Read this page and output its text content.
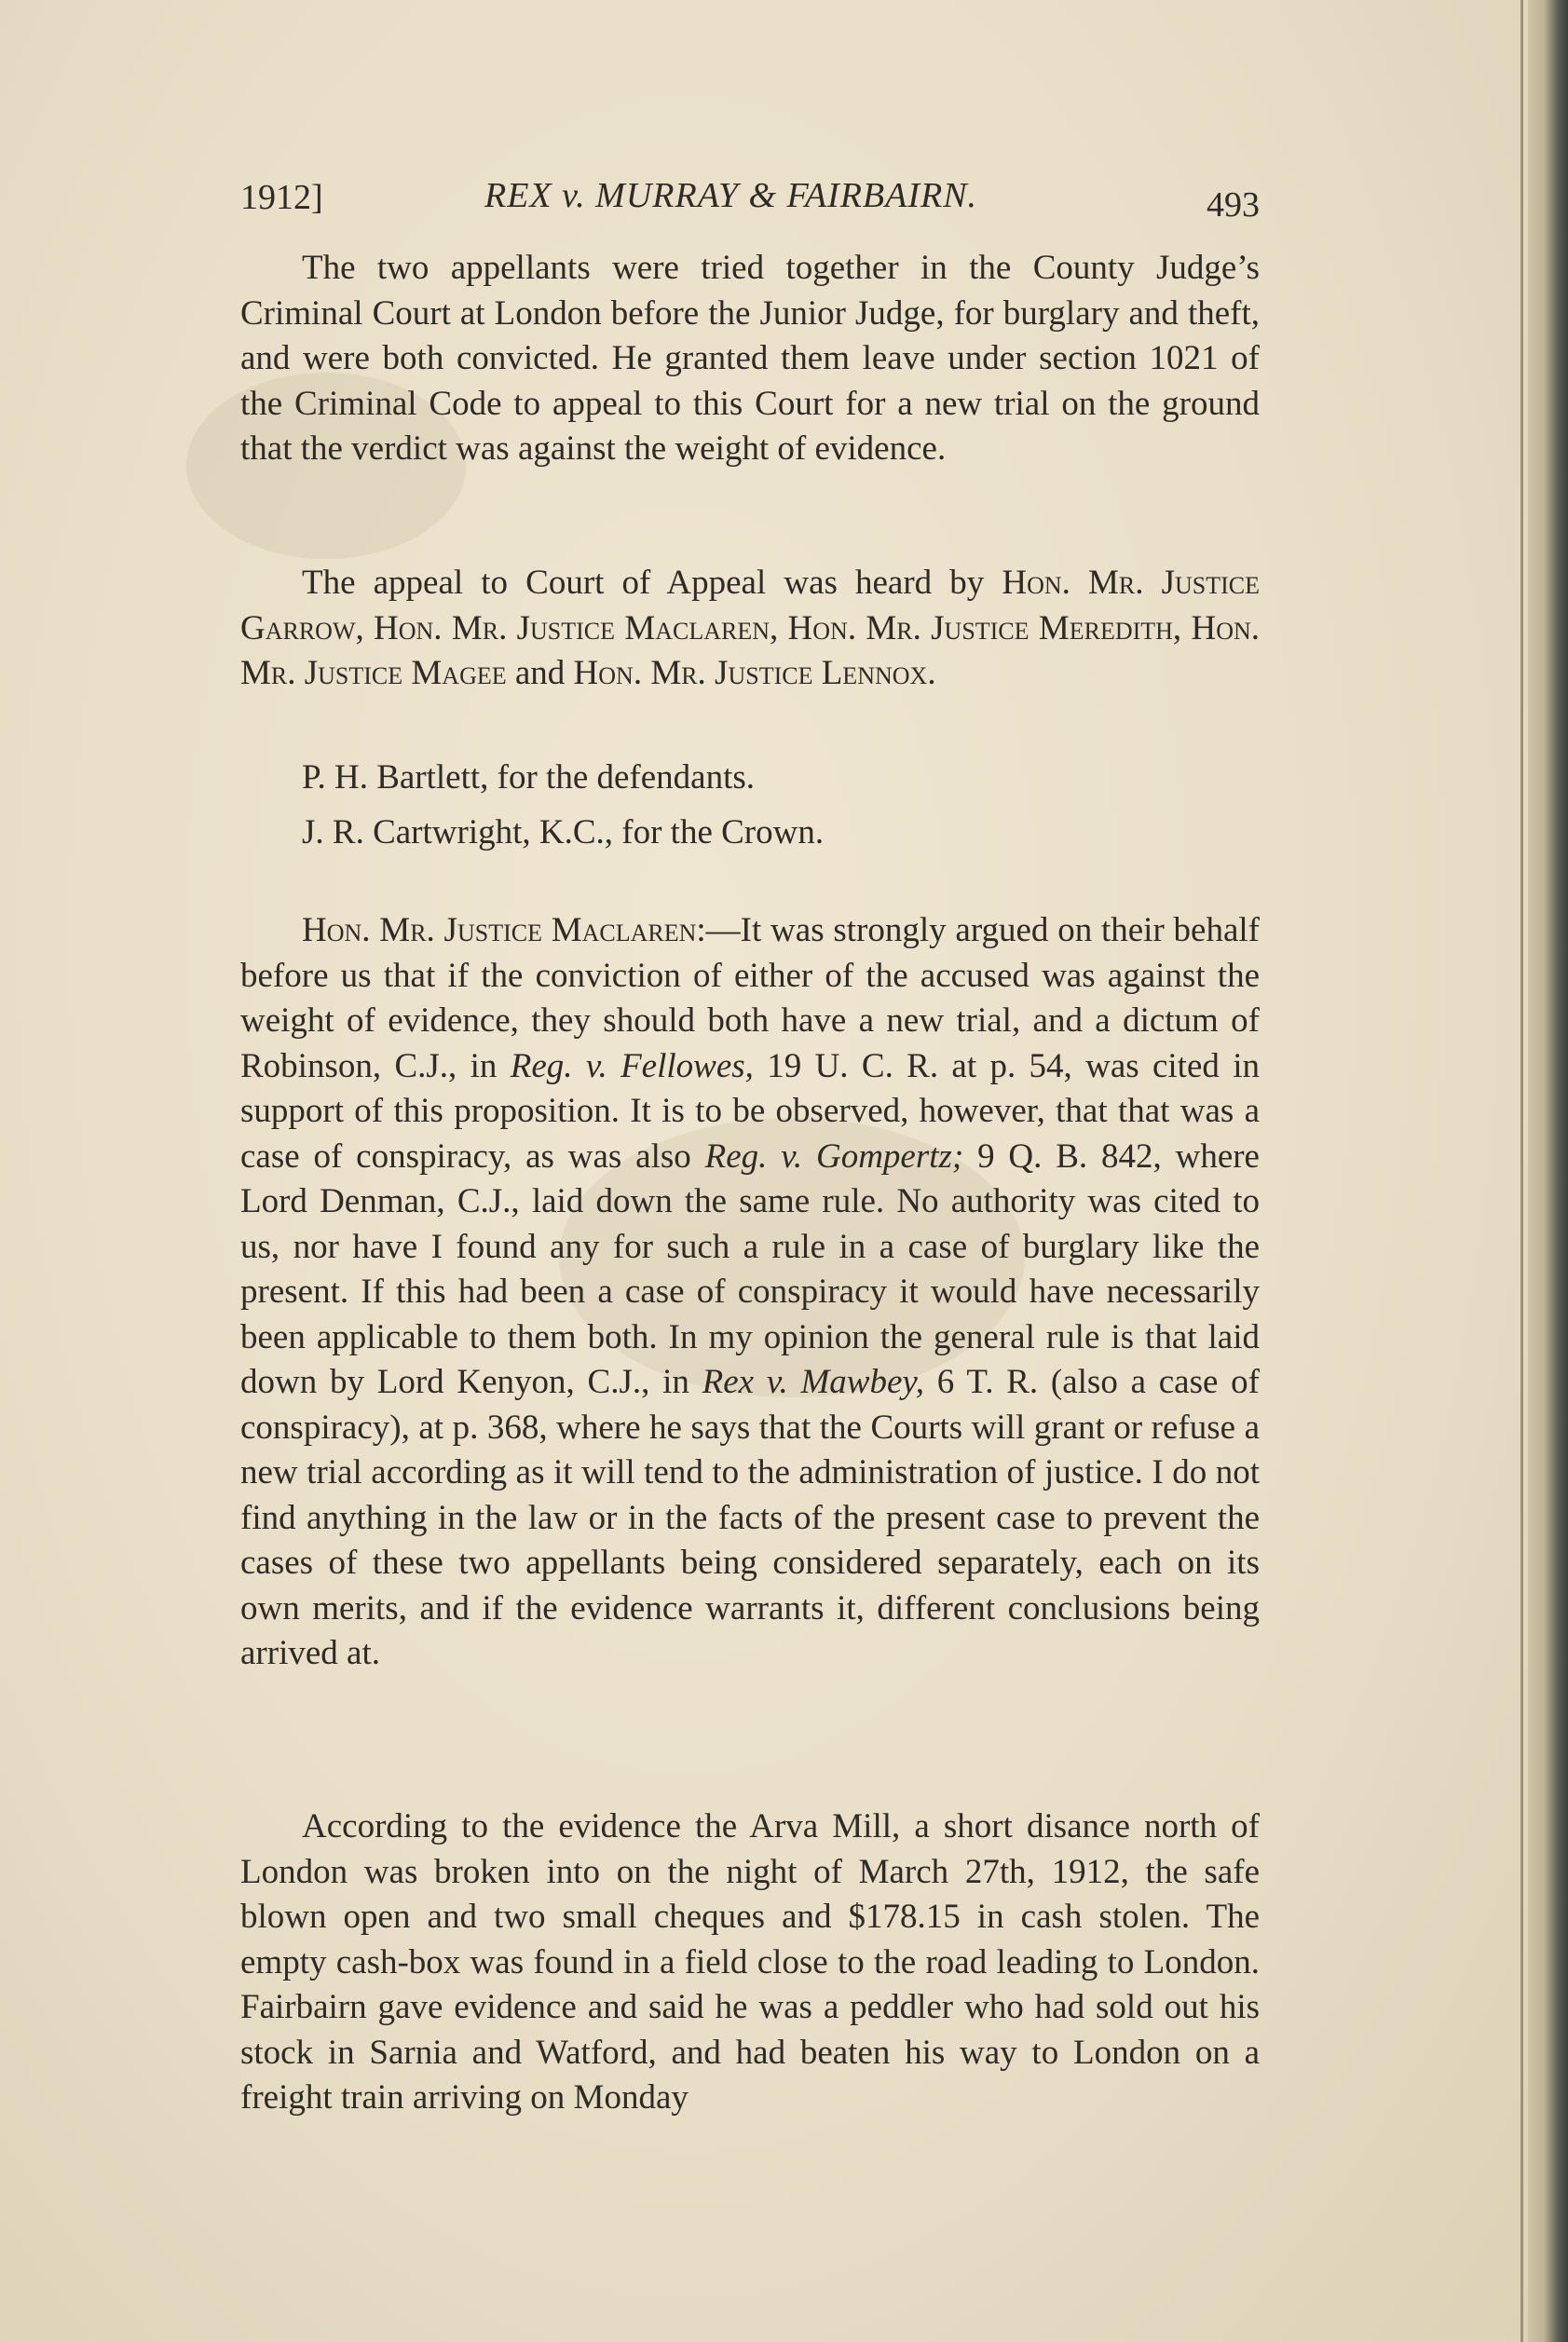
1912]	REX v. MURRAY & FAIRBAIRN.	493

The two appellants were tried together in the County Judge’s Criminal Court at London before the Junior Judge, for burglary and theft, and were both convicted. He granted them leave under section 1021 of the Criminal Code to appeal to this Court for a new trial on the ground that the verdict was against the weight of evidence.

The appeal to Court of Appeal was heard by Hon. Mr. Justice Garrow, Hon. Mr. Justice Maclaren, Hon. Mr. Justice Meredith, Hon. Mr. Justice Magee and Hon. Mr. Justice Lennox.

P. H. Bartlett, for the defendants.
J. R. Cartwright, K.C., for the Crown.

Hon. Mr. Justice Maclaren:—It was strongly argued on their behalf before us that if the conviction of either of the accused was against the weight of evidence, they should both have a new trial, and a dictum of Robinson, C.J., in Reg. v. Fellowes, 19 U. C. R. at p. 54, was cited in support of this proposition. It is to be observed, however, that that was a case of conspiracy, as was also Reg. v. Gompertz; 9 Q. B. 842, where Lord Denman, C.J., laid down the same rule. No authority was cited to us, nor have I found any for such a rule in a case of burglary like the present. If this had been a case of conspiracy it would have necessarily been applicable to them both. In my opinion the general rule is that laid down by Lord Kenyon, C.J., in Rex v. Mawbey, 6 T. R. (also a case of conspiracy), at p. 368, where he says that the Courts will grant or refuse a new trial according as it will tend to the administration of justice. I do not find anything in the law or in the facts of the present case to prevent the cases of these two appellants being considered separately, each on its own merits, and if the evidence warrants it, different conclusions being arrived at.

According to the evidence the Arva Mill, a short disance north of London was broken into on the night of March 27th, 1912, the safe blown open and two small cheques and $178.15 in cash stolen. The empty cash-box was found in a field close to the road leading to London. Fairbairn gave evidence and said he was a peddler who had sold out his stock in Sarnia and Watford, and had beaten his way to London on a freight train arriving on Monday
